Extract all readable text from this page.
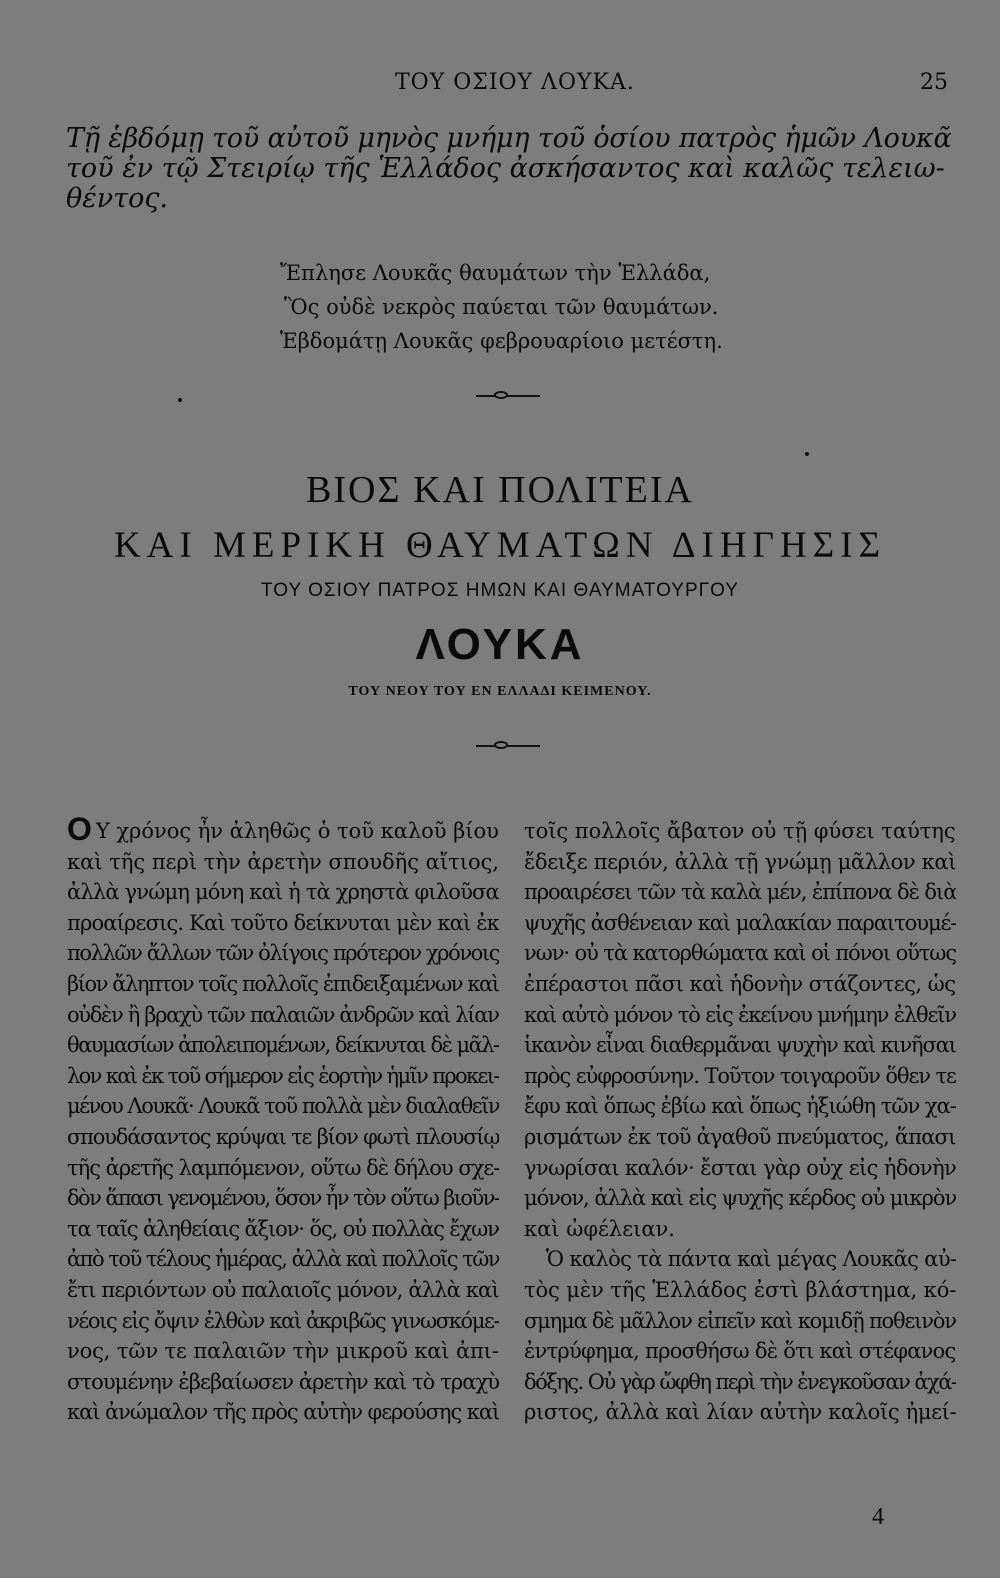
ΤΟΥ ΟΣΙΟΥ ΛΟΥΚΑ.	25
Τῇ ἑβδόμῃ τοῦ αὐτοῦ μηνὸς μνήμη τοῦ ὁσίου πατρὸς ἡμῶν Λουκᾶ
τοῦ ἐν τῷ Στειρίῳ τῆς Ἑλλάδος ἀσκήσαντος καὶ καλῶς τελειω-
θέντος.
Ἔπλησε Λουκᾶς θαυμάτων τὴν Ἑλλάδα,
Ὃς οὐδὲ νεκρὸς παύεται τῶν θαυμάτων.
Ἑβδομάτῃ Λουκᾶς φεβρουαρίοιο μετέστη.
ΒΙΟΣ ΚΑΙ ΠΟΛΙΤΕΙΑ
ΚΑΙ ΜΕΡΙΚΗ ΘΑΥΜΑΤΩΝ ΔΙΗΓΗΣΙΣ
ΤΟΥ ΟΣΙΟΥ ΠΑΤΡΟΣ ΗΜΩΝ ΚΑΙ ΘΑΥΜΑΤΟΥΡΓΟΥ
ΛΟΥΚΑ
ΤΟΥ ΝΕΟΥ ΤΟΥ ΕΝ ΕΛΛΑΔΙ ΚΕΙΜΕΝΟΥ.
Ο Υ χρόνος ἦν ἀληθῶς ὁ τοῦ καλοῦ βίου
καὶ τῆς περὶ τὴν ἀρετὴν σπουδῆς αἴτιος,
ἀλλὰ γνώμη μόνη καὶ ἡ τὰ χρηστὰ φιλοῦσα
προαίρεσις. Καὶ τοῦτο δείκνυται μὲν καὶ ἐκ
πολλῶν ἄλλων τῶν ὀλίγοις πρότερον χρόνοις
βίον ἄληπτον τοῖς πολλοῖς ἐπιδειξαμένων καὶ
οὐδὲν ἢ βραχὺ τῶν παλαιῶν ἀνδρῶν καὶ λίαν
θαυμασίων ἀπολειπομένων, δείκνυται δὲ μᾶλ-
λον καὶ ἐκ τοῦ σήμερον εἰς ἑορτὴν ἡμῖν προκει-
μένου Λουκᾶ· Λουκᾶ τοῦ πολλὰ μὲν διαλαθεῖν
σπουδάσαντος κρύψαι τε βίον φωτὶ πλουσίῳ
τῆς ἀρετῆς λαμπόμενον, οὕτω δὲ δήλου σχε-
δὸν ἅπασι γενομένου, ὅσον ἦν τὸν οὕτω βιοῦν-
τα ταῖς ἀληθείαις ἄξιον· ὅς, οὐ πολλὰς ἔχων
ἀπὸ τοῦ τέλους ἡμέρας, ἀλλὰ καὶ πολλοῖς τῶν
ἔτι περιόντων οὐ παλαιοῖς μόνον, ἀλλὰ καὶ
νέοις εἰς ὄψιν ἐλθὼν καὶ ἀκριβῶς γινωσκόμε-
νος, τῶν τε παλαιῶν τὴν μικροῦ καὶ ἀπι-
στουμένην ἐβεβαίωσεν ἀρετὴν καὶ τὸ τραχὺ
καὶ ἀνώμαλον τῆς πρὸς αὐτὴν φερούσης καὶ
τοῖς πολλοῖς ἄβατον οὐ τῇ φύσει ταύτης
ἔδειξε περιόν, ἀλλὰ τῇ γνώμῃ μᾶλλον καὶ
προαιρέσει τῶν τὰ καλὰ μέν, ἐπίπονα δὲ διὰ
ψυχῆς ἀσθένειαν καὶ μαλακίαν παραιτουμέ-
νων· οὐ τὰ κατορθώματα καὶ οἱ πόνοι οὕτως
ἐπέραστοι πᾶσι καὶ ἡδονὴν στάζοντες, ὡς
καὶ αὐτὸ μόνον τὸ εἰς ἐκείνου μνήμην ἐλθεῖν
ἱκανὸν εἶναι διαθερμᾶναι ψυχὴν καὶ κινῆσαι
πρὸς εὐφροσύνην. Τοῦτον τοιγαροῦν ὅθεν τε
ἔφυ καὶ ὅπως ἐβίω καὶ ὅπως ἠξιώθη τῶν χα-
ρισμάτων ἐκ τοῦ ἀγαθοῦ πνεύματος, ἅπασι
γνωρίσαι καλόν· ἔσται γὰρ οὐχ εἰς ἡδονὴν
μόνον, ἀλλὰ καὶ εἰς ψυχῆς κέρδος οὐ μικρὸν
καὶ ὠφέλειαν.
Ὁ καλὸς τὰ πάντα καὶ μέγας Λουκᾶς αὐ-
τὸς μὲν τῆς Ἑλλάδος ἐστὶ βλάστημα, κό-
σμημα δὲ μᾶλλον εἰπεῖν καὶ κομιδῇ ποθεινὸν
ἐντρύφημα, προσθήσω δὲ ὅτι καὶ στέφανος
δόξης. Οὐ γὰρ ὤφθη περὶ τὴν ἐνεγκοῦσαν ἀχά-
ριστος, ἀλλὰ καὶ λίαν αὐτὴν καλοῖς ἠμεί-
4
